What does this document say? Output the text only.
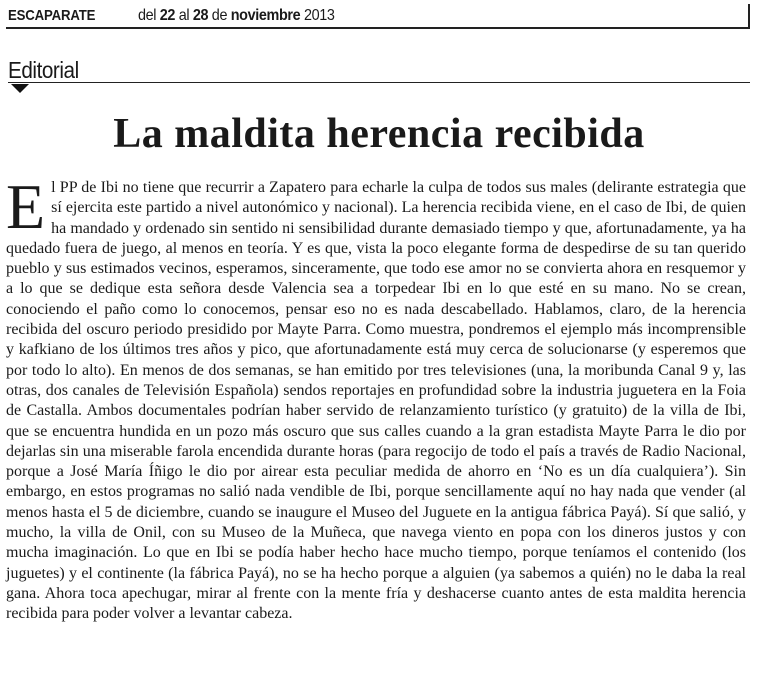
ESCAPARATE	del 22 al 28 de noviembre 2013
Editorial
La maldita herencia recibida
El PP de Ibi no tiene que recurrir a Zapatero para echarle la culpa de todos sus males (delirante estrategia que sí ejercita este partido a nivel autonómico y nacional). La herencia recibida viene, en el caso de Ibi, de quien ha mandado y ordenado sin sentido ni sensibilidad durante demasiado tiempo y que, afortunadamente, ya ha quedado fuera de juego, al menos en teoría. Y es que, vista la poco elegante forma de despedirse de su tan querido pueblo y sus estimados vecinos, esperamos, sinceramente, que todo ese amor no se convierta ahora en resquemor y a lo que se dedique esta señora desde Valencia sea a torpedear Ibi en lo que esté en su mano. No se crean, conociendo el paño como lo conocemos, pensar eso no es nada descabellado. Hablamos, claro, de la herencia recibida del oscuro periodo presidido por Mayte Parra. Como muestra, pondremos el ejemplo más incomprensible y kafkiano de los últimos tres años y pico, que afortunadamente está muy cerca de solucionarse (y esperemos que por todo lo alto). En menos de dos semanas, se han emitido por tres televisiones (una, la moribunda Canal 9 y, las otras, dos canales de Televisión Española) sendos reportajes en profundidad sobre la industria juguetera en la Foia de Castalla. Ambos documentales podrían haber servido de relanzamiento turístico (y gratuito) de la villa de Ibi, que se encuentra hundida en un pozo más oscuro que sus calles cuando a la gran estadista Mayte Parra le dio por dejarlas sin una miserable farola encendida durante horas (para regocijo de todo el país a través de Radio Nacional, porque a José María Íñigo le dio por airear esta peculiar medida de ahorro en ‘No es un día cualquiera’). Sin embargo, en estos programas no salió nada vendible de Ibi, porque sencillamente aquí no hay nada que vender (al menos hasta el 5 de diciembre, cuando se inaugure el Museo del Juguete en la antigua fábrica Payá). Sí que salió, y mucho, la villa de Onil, con su Museo de la Muñeca, que navega viento en popa con los dineros justos y con mucha imaginación. Lo que en Ibi se podía haber hecho hace mucho tiempo, porque teníamos el contenido (los juguetes) y el continente (la fábrica Payá), no se ha hecho porque a alguien (ya sabemos a quién) no le daba la real gana. Ahora toca apechugar, mirar al frente con la mente fría y deshacerse cuanto antes de esta maldita herencia recibida para poder volver a levantar cabeza.
